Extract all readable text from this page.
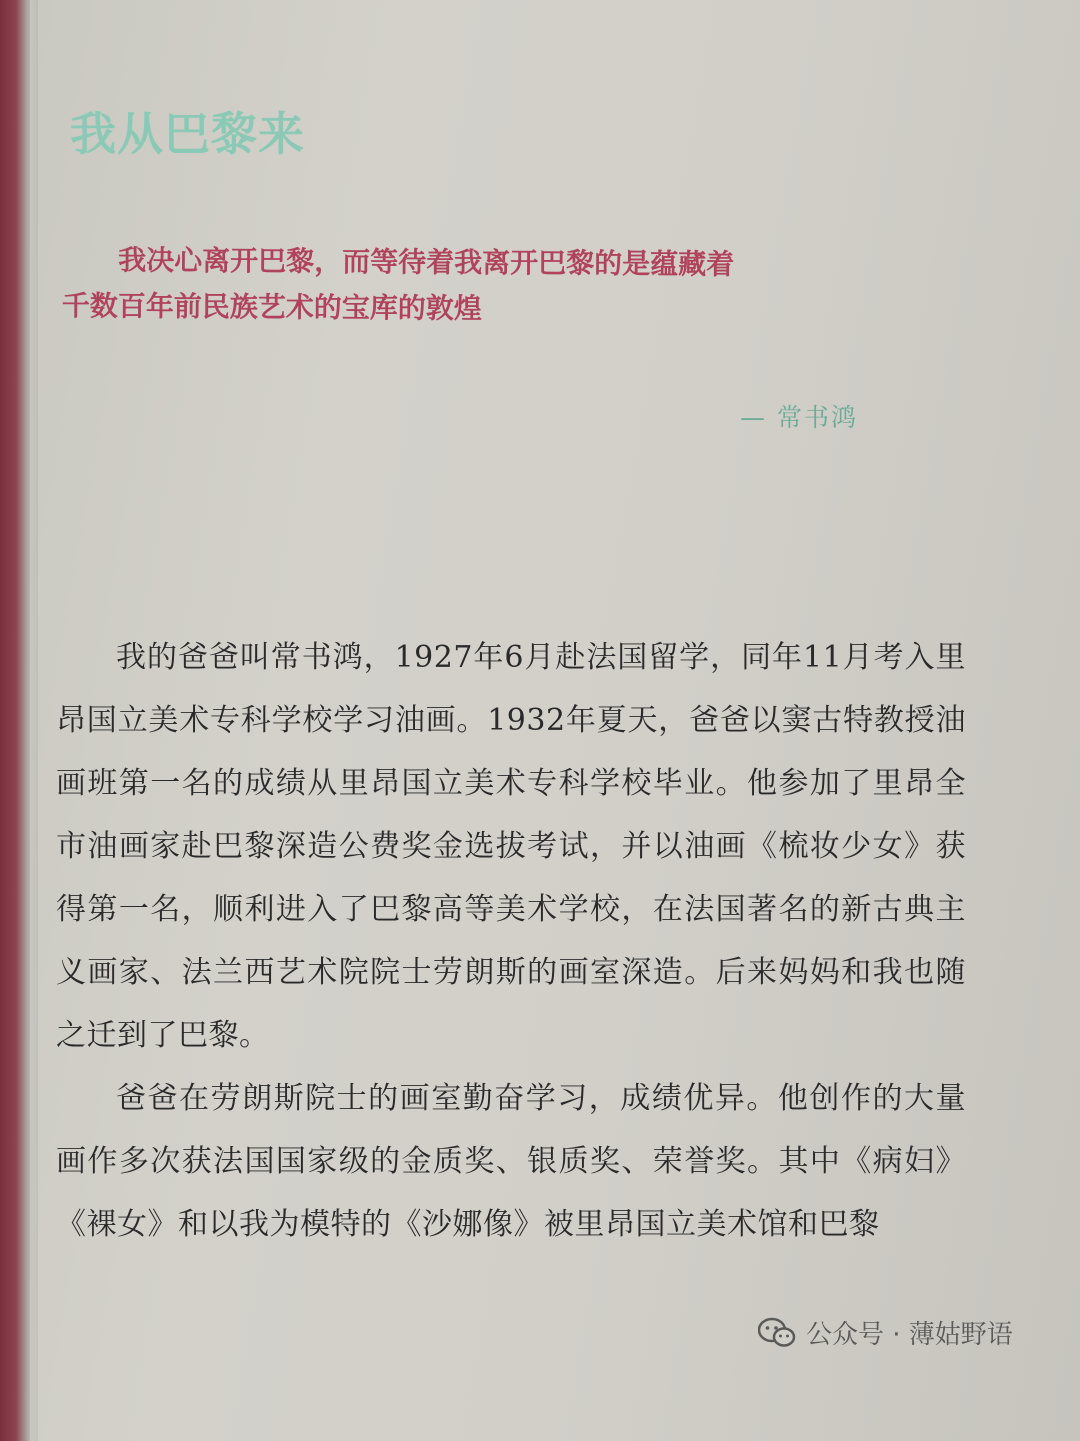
我从巴黎来
我决心离开巴黎，而等待着我离开巴黎的是蕴藏着
千数百年前民族艺术的宝库的敦煌
— 常书鸿

我的爸爸叫常书鸿，1927年6月赴法国留学，同年11月考入里昂国立美术专科学校学习油画。1932年夏天，爸爸以窦古特教授油画班第一名的成绩从里昂国立美术专科学校毕业。他参加了里昂全市油画家赴巴黎深造公费奖金选拔考试，并以油画《梳妆少女》获得第一名，顺利进入了巴黎高等美术学校，在法国著名的新古典主义画家、法兰西艺术院院士劳朗斯的画室深造。后来妈妈和我也随之迁到了巴黎。

爸爸在劳朗斯院士的画室勤奋学习，成绩优异。他创作的大量画作多次获法国国家级的金质奖、银质奖、荣誉奖。其中《病妇》《裸女》和以我为模特的《沙娜像》被里昂国立美术馆和巴黎

公众号 · 薄姑野语
